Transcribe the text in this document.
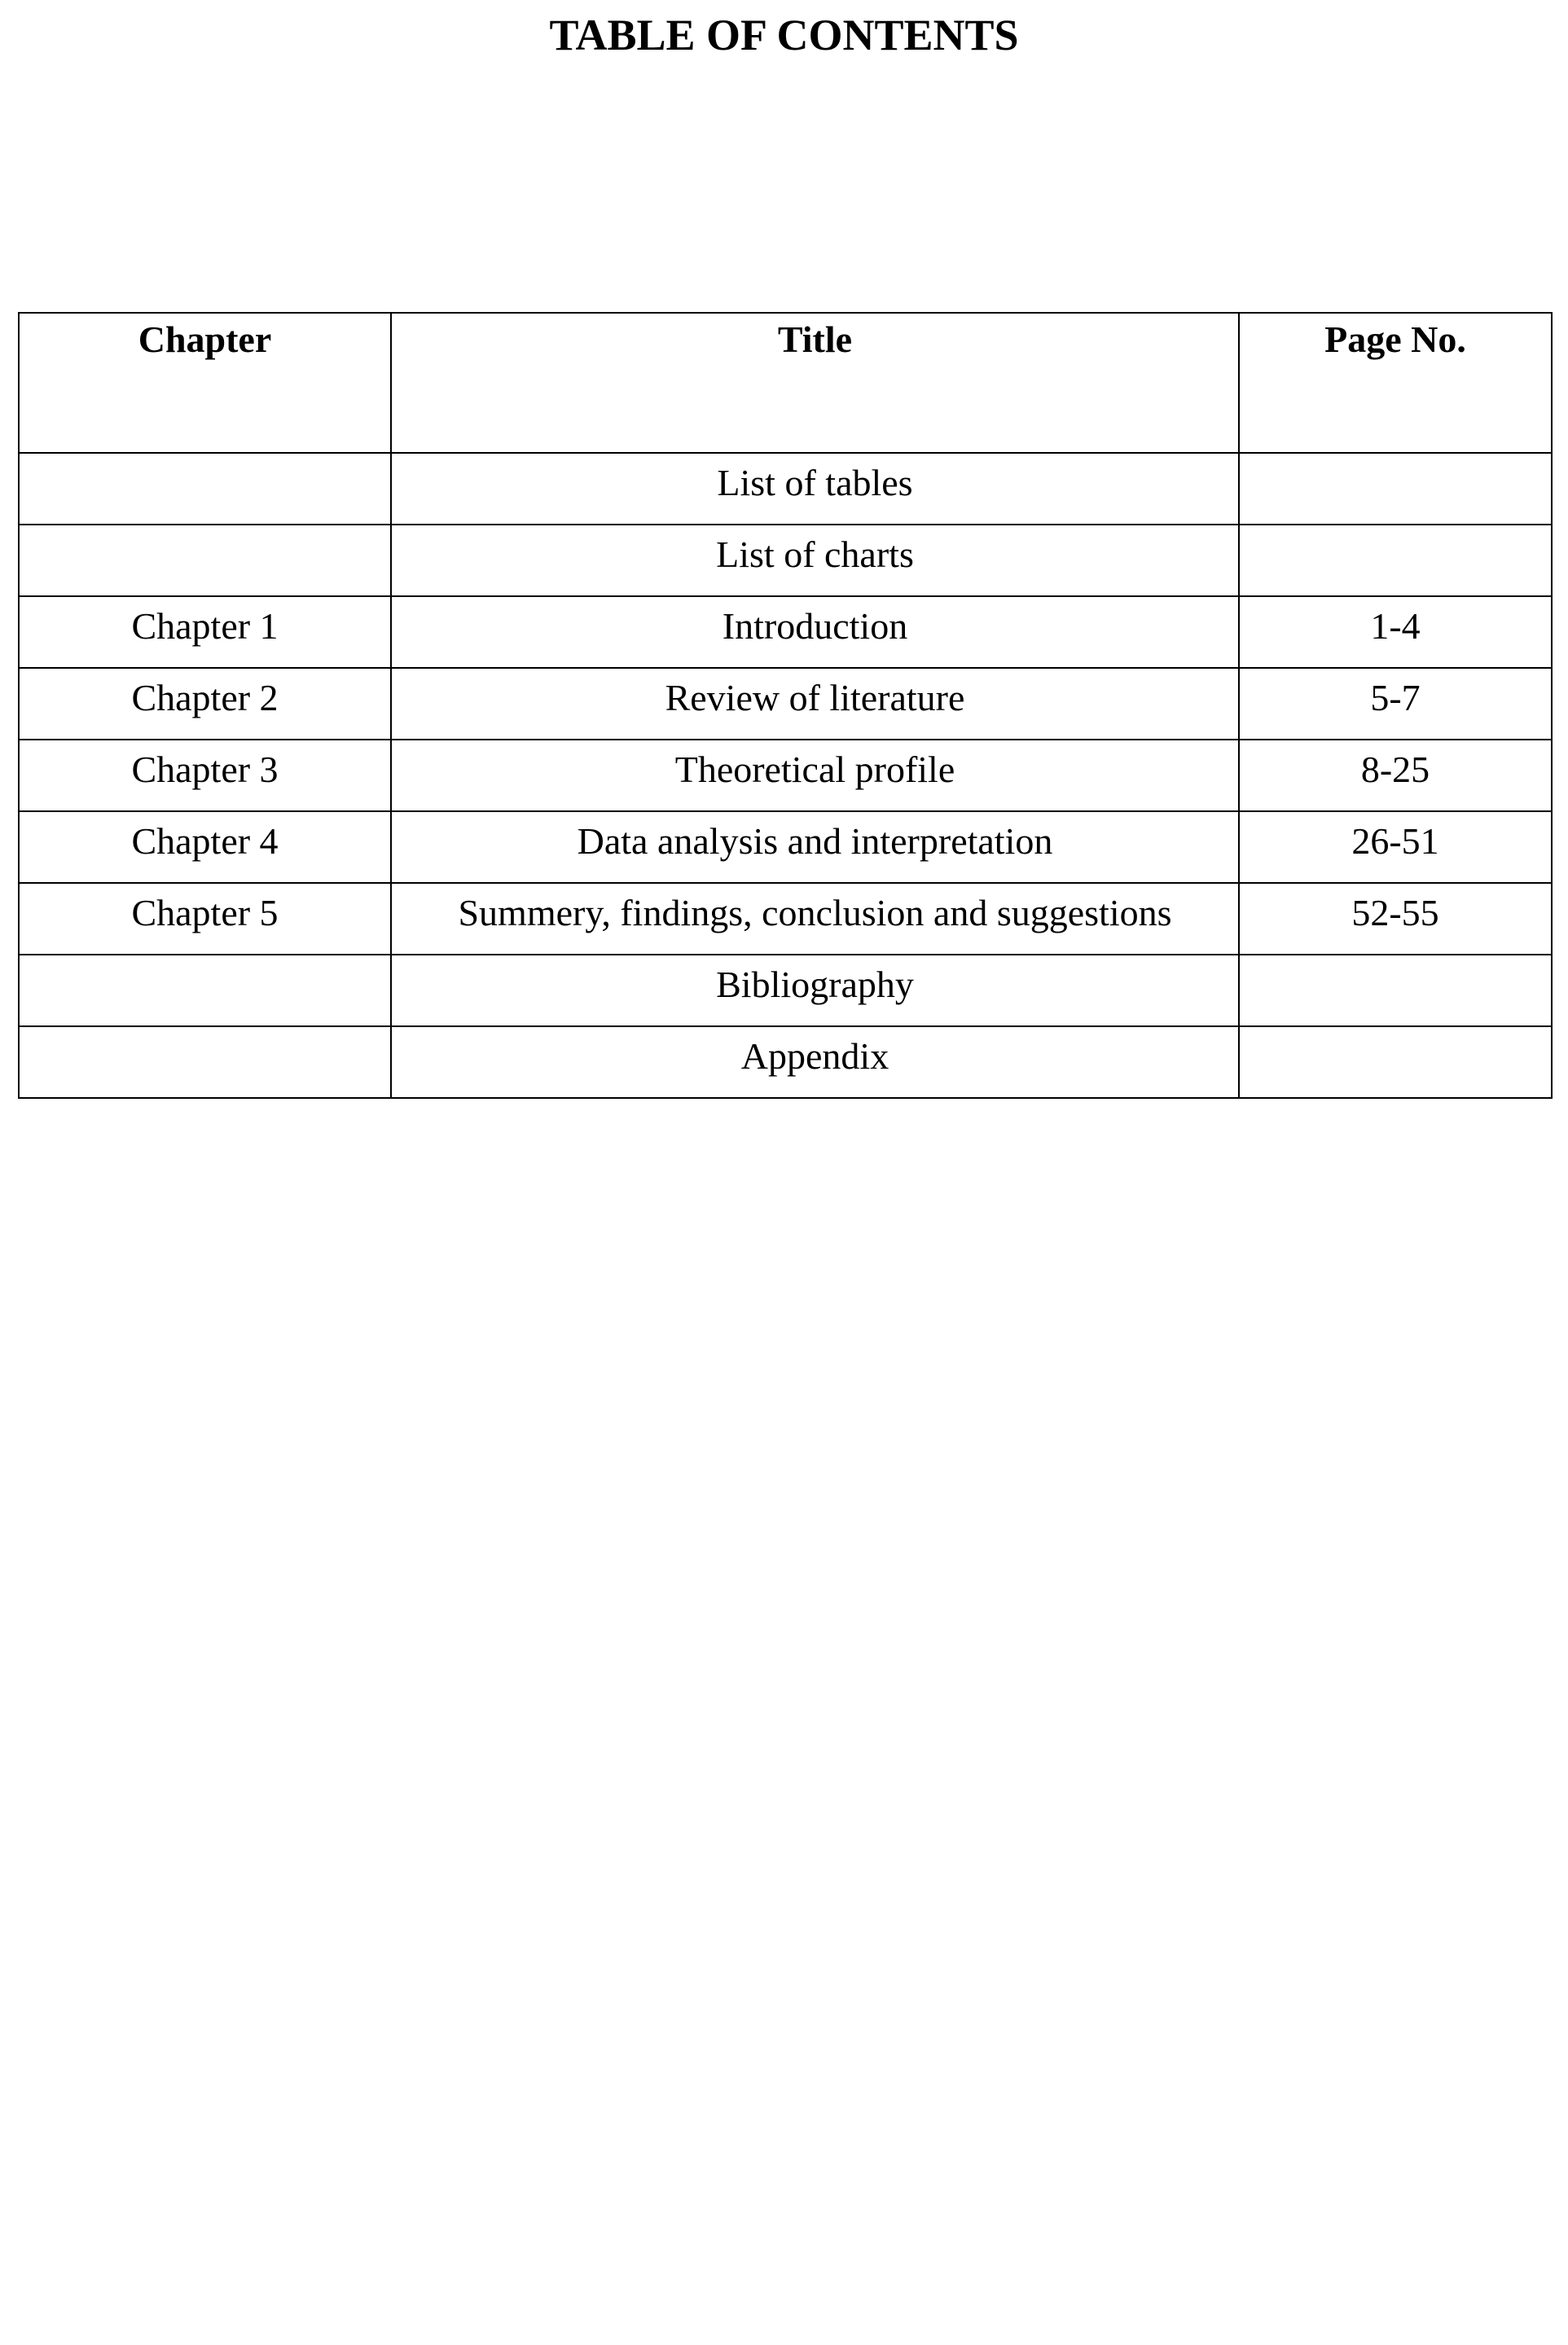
TABLE OF CONTENTS
Chapter	Title	Page No.
	List of tables	
	List of charts	
Chapter 1	Introduction	1-4
Chapter 2	Review of literature	5-7
Chapter 3	Theoretical profile	8-25
Chapter 4	Data analysis and interpretation	26-51
Chapter 5	Summery, findings, conclusion and suggestions	52-55
	Bibliography	
	Appendix	
